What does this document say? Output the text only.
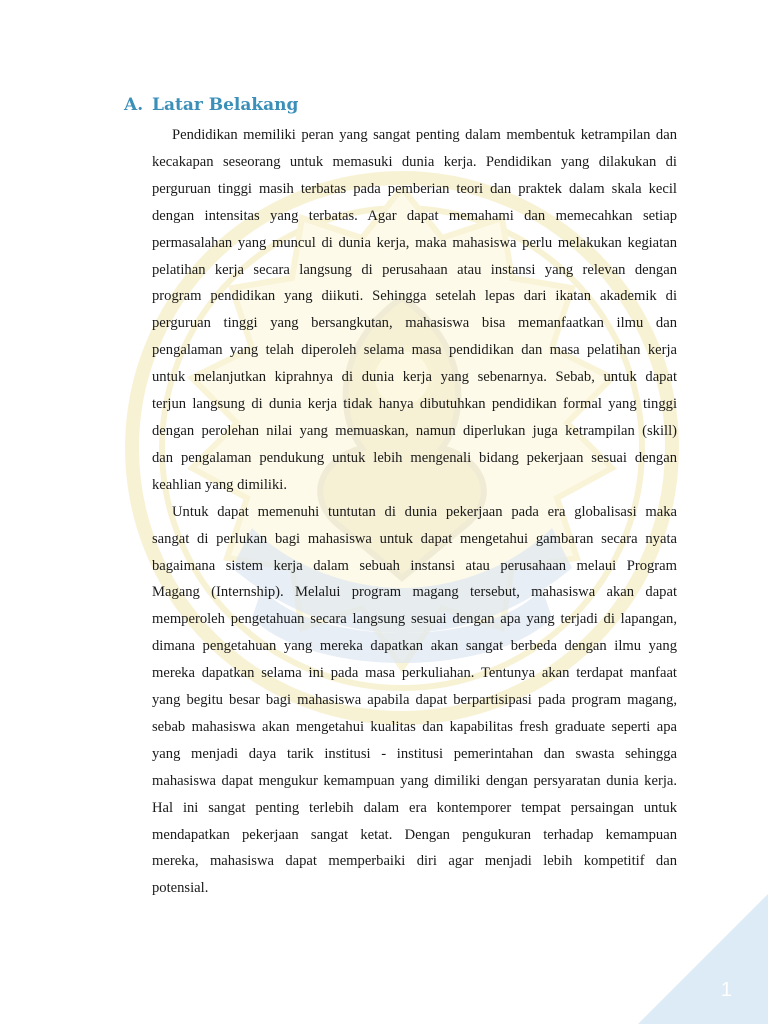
A. Latar Belakang

Pendidikan memiliki peran yang sangat penting dalam membentuk ketrampilan dan
kecakapan seseorang untuk memasuki dunia kerja. Pendidikan yang dilakukan di
perguruan tinggi masih terbatas pada pemberian teori dan praktek dalam skala kecil
dengan intensitas yang terbatas. Agar dapat memahami dan memecahkan setiap
permasalahan yang muncul di dunia kerja, maka mahasiswa perlu melakukan kegiatan
pelatihan kerja secara langsung di perusahaan atau instansi yang relevan dengan
program pendidikan yang diikuti. Sehingga setelah lepas dari ikatan akademik di
perguruan tinggi yang bersangkutan, mahasiswa bisa memanfaatkan ilmu dan
pengalaman yang telah diperoleh selama masa pendidikan dan masa pelatihan kerja
untuk melanjutkan kiprahnya di dunia kerja yang sebenarnya. Sebab, untuk dapat
terjun langsung di dunia kerja tidak hanya dibutuhkan pendidikan formal yang tinggi
dengan perolehan nilai yang memuaskan, namun diperlukan juga ketrampilan (skill)
dan pengalaman pendukung untuk lebih mengenali bidang pekerjaan sesuai dengan
keahlian yang dimiliki.

Untuk dapat memenuhi tuntutan di dunia pekerjaan pada era globalisasi maka
sangat di perlukan bagi mahasiswa untuk dapat mengetahui gambaran secara nyata
bagaimana sistem kerja dalam sebuah instansi atau perusahaan melaui Program
Magang (Internship). Melalui program magang tersebut, mahasiswa akan dapat
memperoleh pengetahuan secara langsung sesuai dengan apa yang terjadi di lapangan,
dimana pengetahuan yang mereka dapatkan akan sangat berbeda dengan ilmu yang
mereka dapatkan selama ini pada masa perkuliahan. Tentunya akan terdapat manfaat
yang begitu besar bagi mahasiswa apabila dapat berpartisipasi pada program magang,
sebab mahasiswa akan mengetahui kualitas dan kapabilitas fresh graduate seperti apa
yang menjadi daya tarik institusi - institusi pemerintahan dan swasta sehingga
mahasiswa dapat mengukur kemampuan yang dimiliki dengan persyaratan dunia kerja.
Hal ini sangat penting terlebih dalam era kontemporer tempat persaingan untuk
mendapatkan pekerjaan sangat ketat. Dengan pengukuran terhadap kemampuan
mereka, mahasiswa dapat memperbaiki diri agar menjadi lebih kompetitif dan
potensial.

1
